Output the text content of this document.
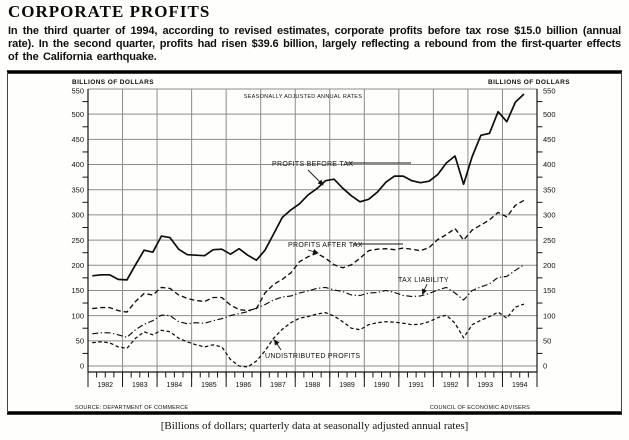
CORPORATE PROFITS

In the third quarter of 1994, according to revised estimates, corporate profits before tax rose $15.0 billion (annual rate). In the second quarter, profits had risen $39.6 billion, largely reflecting a rebound from the first-quarter effects of the California earthquake.

0	0
50	50
100	100
150	150
200	200
250	250
300	300
350	350
400	400
450	450
500	500
550	550
1982	1983	1984	1985	1986	1987	1988	1989	1990	1991	1992	1993	1994
BILLIONS OF DOLLARS	BILLIONS OF DOLLARS
SEASONALLY ADJUSTED ANNUAL RATES
PROFITS BEFORE TAX
PROFITS AFTER TAX
TAX LIABILITY
UNDISTRIBUTED PROFITS
SOURCE: DEPARTMENT OF COMMERCE	COUNCIL OF ECONOMIC ADVISERS
[Billions of dollars; quarterly data at seasonally adjusted annual rates]
